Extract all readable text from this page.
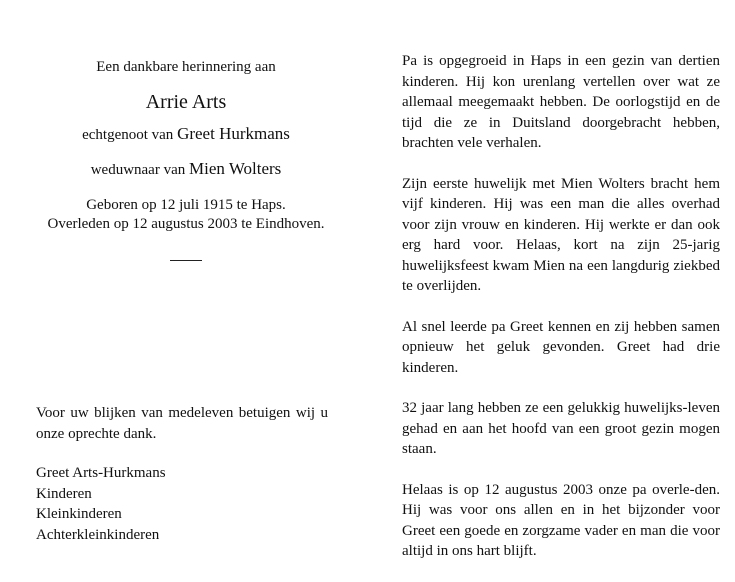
Een dankbare herinnering aan

Arrie Arts

echtgenoot van Greet Hurkmans

weduwnaar van Mien Wolters

Geboren op 12 juli 1915 te Haps.
Overleden op 12 augustus 2003 te Eindhoven.

Voor uw blijken van medeleven betuigen wij u onze oprechte dank.

Greet Arts-Hurkmans
Kinderen
Kleinkinderen
Achterkleinkinderen

Pa is opgegroeid in Haps in een gezin van dertien kinderen. Hij kon urenlang vertellen over wat ze allemaal meegemaakt hebben. De oorlogstijd en de tijd die ze in Duitsland doorgebracht hebben, brachten vele verhalen.

Zijn eerste huwelijk met Mien Wolters bracht hem vijf kinderen. Hij was een man die alles overhad voor zijn vrouw en kinderen. Hij werkte er dan ook erg hard voor. Helaas, kort na zijn 25-jarig huwelijksfeest kwam Mien na een langdurig ziekbed te overlijden.

Al snel leerde pa Greet kennen en zij hebben samen opnieuw het geluk gevonden. Greet had drie kinderen.

32 jaar lang hebben ze een gelukkig huwelijks-leven gehad en aan het hoofd van een groot gezin mogen staan.

Helaas is op 12 augustus 2003 onze pa overle-den. Hij was voor ons allen en in het bijzonder voor Greet een goede en zorgzame vader en man die voor altijd in ons hart blijft.
